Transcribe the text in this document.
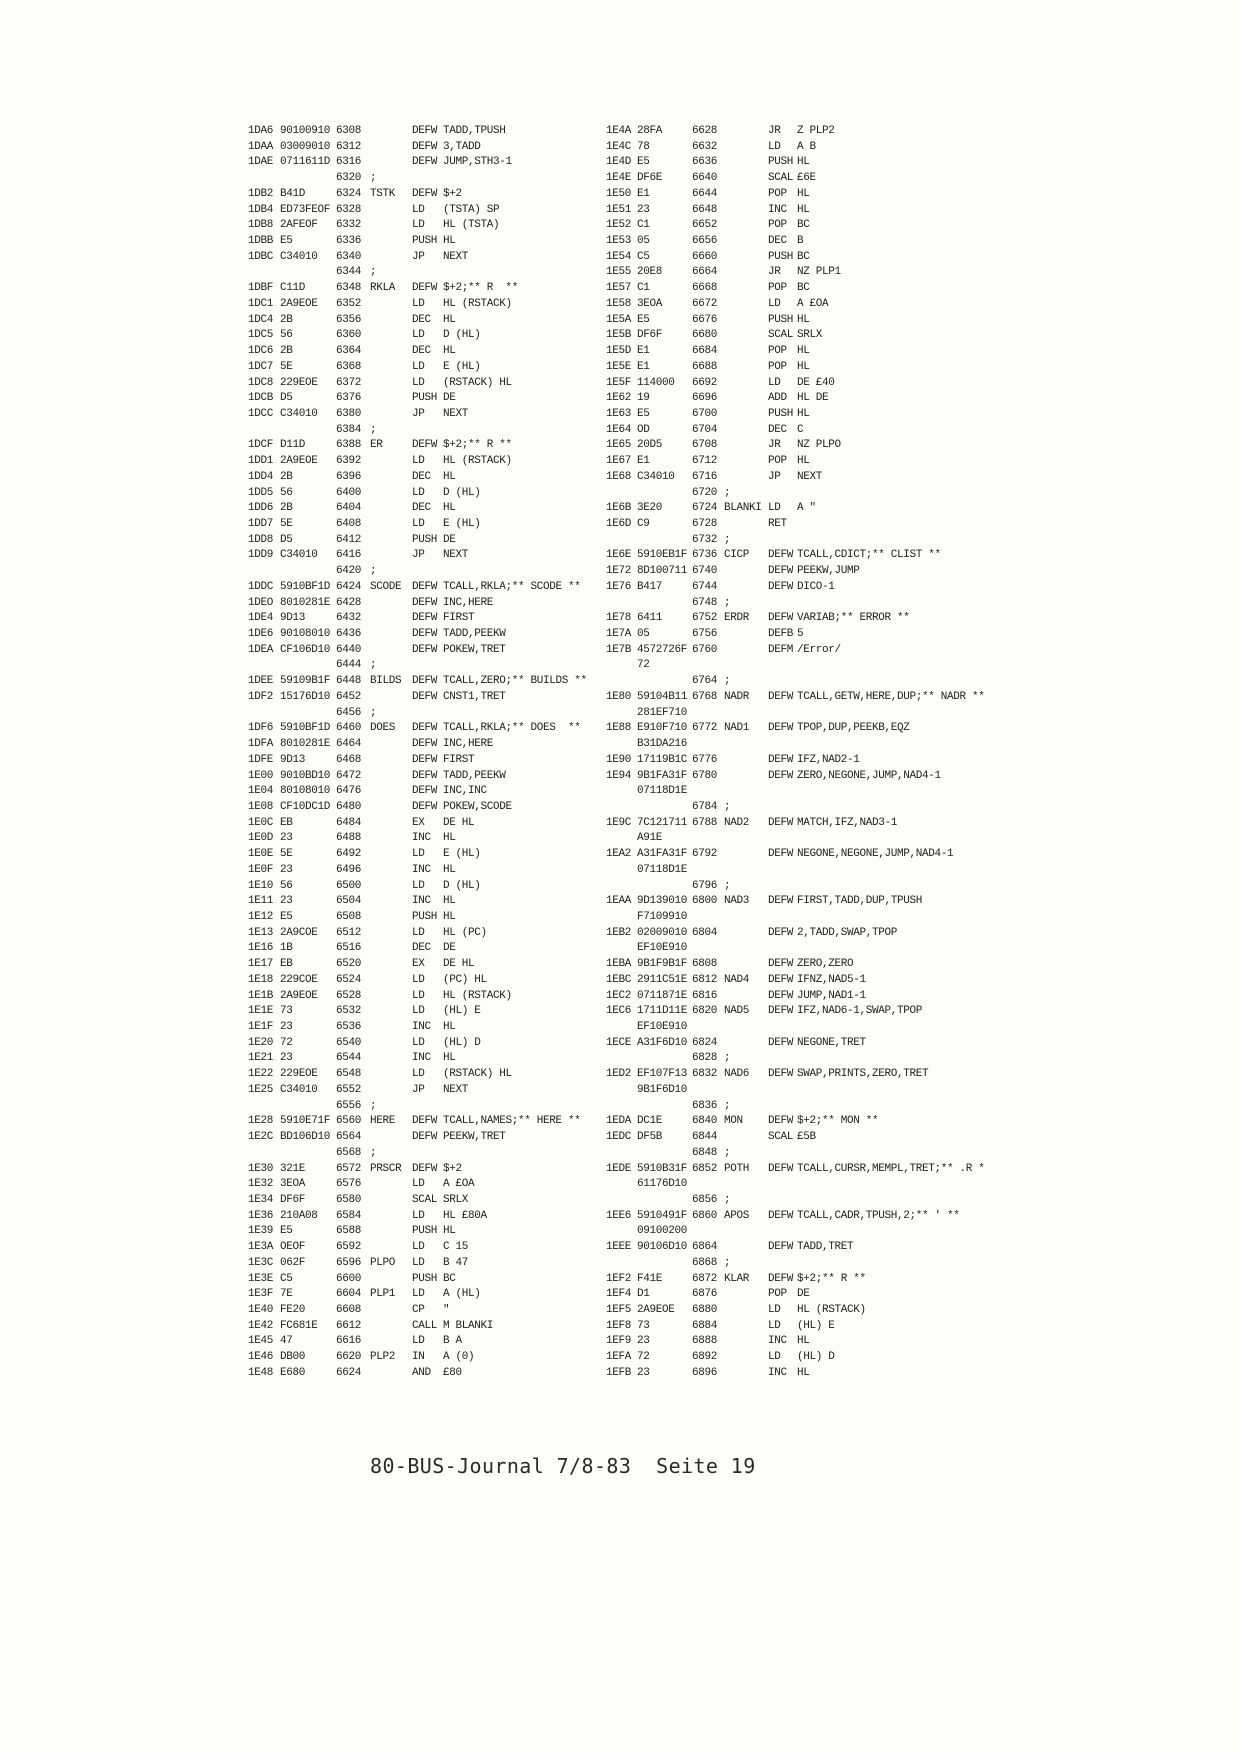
1DA6 90100910 6308	DEFW TADD,TPUSH
1DAA 03009010 6312	DEFW 3,TADD
1DAE 0711611D 6316	DEFW JUMP,STH3-1
6320 ;
1DB2 B41D	6324 TSTK DEFW $+2
1DB4 ED73FEOF 6328	LD (TSTA) SP
1DB8 2AFEOF 6332	LD HL (TSTA)
1DBB E5	6336	PUSH HL
1DBC C34010 6340	JP NEXT
6344 ;
1DBF C11D	6348 RKLA DEFW $+2;** R  **
1DC1 2A9EOE 6352	LD HL (RSTACK)
1DC4 2B	6356	DEC HL
1DC5 56	6360	LD D (HL)
1DC6 2B	6364	DEC HL
1DC7 5E	6368	LD E (HL)
1DC8 229EOE 6372	LD (RSTACK) HL
1DCB D5	6376	PUSH DE
1DCC C34010 6380	JP NEXT
6384 ;
1DCF D11D	6388 ER	DEFW $+2;** R **
1DD1 2A9EOE 6392	LD HL (RSTACK)
1DD4 2B	6396	DEC HL
1DD5 56	6400	LD D (HL)
1DD6 2B	6404	DEC HL
1DD7 5E	6408	LD E (HL)
1DD8 D5	6412	PUSH DE
1DD9 C34010 6416	JP NEXT
6420 ;
1DDC 5910BF1D 6424 SCODE DEFW TCALL,RKLA;** SCODE **
1DEO 8010281E 6428	DEFW INC,HERE
1DE4 9D13	6432	DEFW FIRST
1DE6 90108010 6436	DEFW TADD,PEEKW
1DEA CF106D10 6440	DEFW POKEW,TRET
6444 ;
1DEE 59109B1F 6448 BILDS DEFW TCALL,ZERO;** BUILDS **
1DF2 15176D10 6452	DEFW CNST1,TRET
6456 ;
1DF6 5910BF1D 6460 DOES DEFW TCALL,RKLA;** DOES  **
1DFA 8010281E 6464	DEFW INC,HERE
1DFE 9D13	6468	DEFW FIRST
1E00 9010BD10 6472	DEFW TADD,PEEKW
1E04 80108010 6476	DEFW INC,INC
1E08 CF10DC1D 6480	DEFW POKEW,SCODE
1E0C EB	6484	EX DE HL
1E0D 23	6488	INC HL
1E0E 5E	6492	LD E (HL)
1E0F 23	6496	INC HL
1E10 56	6500	LD D (HL)
1E11 23	6504	INC HL
1E12 E5	6508	PUSH HL
1E13 2A9COE 6512	LD HL (PC)
1E16 1B	6516	DEC DE
1E17 EB	6520	EX DE HL
1E18 229COE 6524	LD (PC) HL
1E1B 2A9EOE 6528	LD HL (RSTACK)
1E1E 73	6532	LD (HL) E
1E1F 23	6536	INC HL
1E20 72	6540	LD (HL) D
1E21 23	6544	INC HL
1E22 229EOE 6548	LD (RSTACK) HL
1E25 C34010 6552	JP NEXT
6556 ;
1E28 5910E71F 6560 HERE DEFW TCALL,NAMES;** HERE **
1E2C BD106D10 6564	DEFW PEEKW,TRET
6568 ;
1E30 321E	6572 PRSCR DEFW $+2
1E32 3EOA	6576	LD A £OA
1E34 DF6F	6580	SCAL SRLX
1E36 210A08 6584	LD HL £80A
1E39 E5	6588	PUSH HL
1E3A OEOF	6592	LD C 15
1E3C 062F	6596 PLPO LD B 47
1E3E C5	6600	PUSH BC
1E3F 7E	6604 PLP1 LD A (HL)
1E40 FE20	6608	CP "
1E42 FC681E 6612	CALL M BLANKI
1E45 47	6616	LD B A
1E46 DB00	6620 PLP2 IN A (0)
1E48 E680	6624	AND £80
1E4A 28FA	6628	JR Z PLP2
1E4C 78	6632	LD A B
1E4D E5	6636	PUSH HL
1E4E DF6E	6640	SCAL £6E
1E50 E1	6644	POP HL
1E51 23	6648	INC HL
1E52 C1	6652	POP BC
1E53 05	6656	DEC B
1E54 C5	6660	PUSH BC
1E55 20E8	6664	JR NZ PLP1
1E57 C1	6668	POP BC
1E58 3EOA	6672	LD A £OA
1E5A E5	6676	PUSH HL
1E5B DF6F	6680	SCAL SRLX
1E5D E1	6684	POP HL
1E5E E1	6688	POP HL
1E5F 114000 6692	LD DE £40
1E62 19	6696	ADD HL DE
1E63 E5	6700	PUSH HL
1E64 OD	6704	DEC C
1E65 20D5	6708	JR NZ PLPO
1E67 E1	6712	POP HL
1E68 C34010 6716	JP NEXT
6720 ;
1E6B 3E20	6724 BLANKI LD A "
1E6D C9	6728	RET
6732 ;
1E6E 5910EB1F 6736 CICP DEFW TCALL,CDICT;** CLIST **
1E72 8D100711 6740	DEFW PEEKW,JUMP
1E76 B417	6744	DEFW DICO-1
6748 ;
1E78 6411	6752 ERDR DEFW VARIAB;** ERROR **
1E7A 05	6756	DEFB 5
1E7B 4572726F 6760	DEFM /Error/
72
6764 ;
1E80 59104B11 6768 NADR DEFW TCALL,GETW,HERE,DUP;** NADR **
281EF710
1E88 E910F710 6772 NAD1 DEFW TPOP,DUP,PEEKB,EQZ
B31DA216
1E90 17119B1C 6776	DEFW IFZ,NAD2-1
1E94 9B1FA31F 6780	DEFW ZERO,NEGONE,JUMP,NAD4-1
07118D1E
6784 ;
1E9C 7C121711 6788 NAD2 DEFW MATCH,IFZ,NAD3-1
A91E
1EA2 A31FA31F 6792	DEFW NEGONE,NEGONE,JUMP,NAD4-1
07118D1E
6796 ;
1EAA 9D139010 6800 NAD3 DEFW FIRST,TADD,DUP,TPUSH
F7109910
1EB2 02009010 6804	DEFW 2,TADD,SWAP,TPOP
EF10E910
1EBA 9B1F9B1F 6808	DEFW ZERO,ZERO
1EBC 2911C51E 6812 NAD4 DEFW IFNZ,NAD5-1
1EC2 0711871E 6816	DEFW JUMP,NAD1-1
1EC6 1711D11E 6820 NAD5 DEFW IFZ,NAD6-1,SWAP,TPOP
EF10E910
1ECE A31F6D10 6824	DEFW NEGONE,TRET
6828 ;
1ED2 EF107F13 6832 NAD6 DEFW SWAP,PRINTS,ZERO,TRET
9B1F6D10
6836 ;
1EDA DC1E	6840 MON DEFW $+2;** MON **
1EDC DF5B	6844	SCAL £5B
6848 ;
1EDE 5910B31F 6852 POTH DEFW TCALL,CURSR,MEMPL,TRET;** .R *
61176D10
6856 ;
1EE6 5910491F 6860 APOS DEFW TCALL,CADR,TPUSH,2;** ' **
09100200
1EEE 90106D10 6864	DEFW TADD,TRET
6868 ;
1EF2 F41E	6872 KLAR DEFW $+2;** R **
1EF4 D1	6876	POP DE
1EF5 2A9EOE 6880	LD HL (RSTACK)
1EF8 73	6884	LD (HL) E
1EF9 23	6888	INC HL
1EFA 72	6892	LD (HL) D
1EFB 23	6896	INC HL
80-BUS-Journal 7/8-83  Seite 19
